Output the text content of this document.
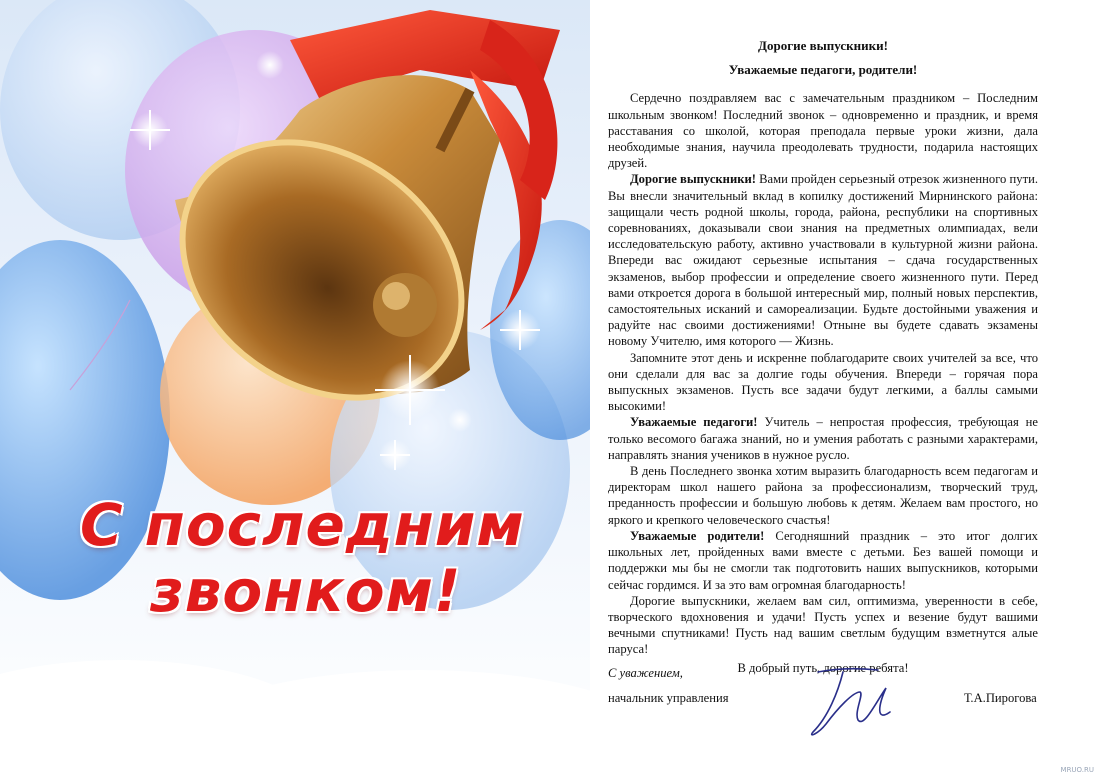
С последним
звонком!
Дорогие выпускники!
Уважаемые педагоги, родители!

Сердечно поздравляем вас с замечательным праздником – Последним школьным звонком! Последний звонок – одновременно и праздник, и время расставания со школой, которая преподала первые уроки жизни, дала необходимые знания, научила преодолевать трудности, подарила настоящих друзей.

Дорогие выпускники! Вами пройден серьезный отрезок жизненного пути. Вы внесли значительный вклад в копилку достижений Мирнинского района: защищали честь родной школы, города, района, республики на спортивных соревнованиях, доказывали свои знания на предметных олимпиадах, вели исследовательскую работу, активно участвовали в культурной жизни района. Впереди вас ожидают серьезные испытания – сдача государственных экзаменов, выбор профессии и определение своего жизненного пути. Перед вами откроется дорога в большой интересный мир, полный новых перспектив, самостоятельных исканий и самореализации. Будьте достойными уважения и радуйте нас своими достижениями! Отныне вы будете сдавать экзамены новому Учителю, имя которого — Жизнь.

Запомните этот день и искренне поблагодарите своих учителей за все, что они сделали для вас за долгие годы обучения. Впереди – горячая пора выпускных экзаменов. Пусть все задачи будут легкими, а баллы самыми высокими!

Уважаемые педагоги! Учитель – непростая профессия, требующая не только весомого багажа знаний, но и умения работать с разными характерами, направлять знания учеников в нужное русло.

В день Последнего звонка хотим выразить благодарность всем педагогам и директорам школ нашего района за профессионализм, творческий труд, преданность профессии и большую любовь к детям. Желаем вам простого, но яркого и крепкого человеческого счастья!

Уважаемые родители! Сегодняшний праздник – это итог долгих школьных лет, пройденных вами вместе с детьми. Без вашей помощи и поддержки мы бы не смогли так подготовить наших выпускников, которыми сейчас гордимся. И за это вам огромная благодарность!

Дорогие выпускники, желаем вам сил, оптимизма, уверенности в себе, творческого вдохновения и удачи! Пусть успех и везение будут вашими вечными спутниками! Пусть над вашим светлым будущим взметнутся алые паруса!

В добрый путь, дорогие ребята!

С уважением,
начальник управления	Т.А.Пирогова
MRUO.RU
